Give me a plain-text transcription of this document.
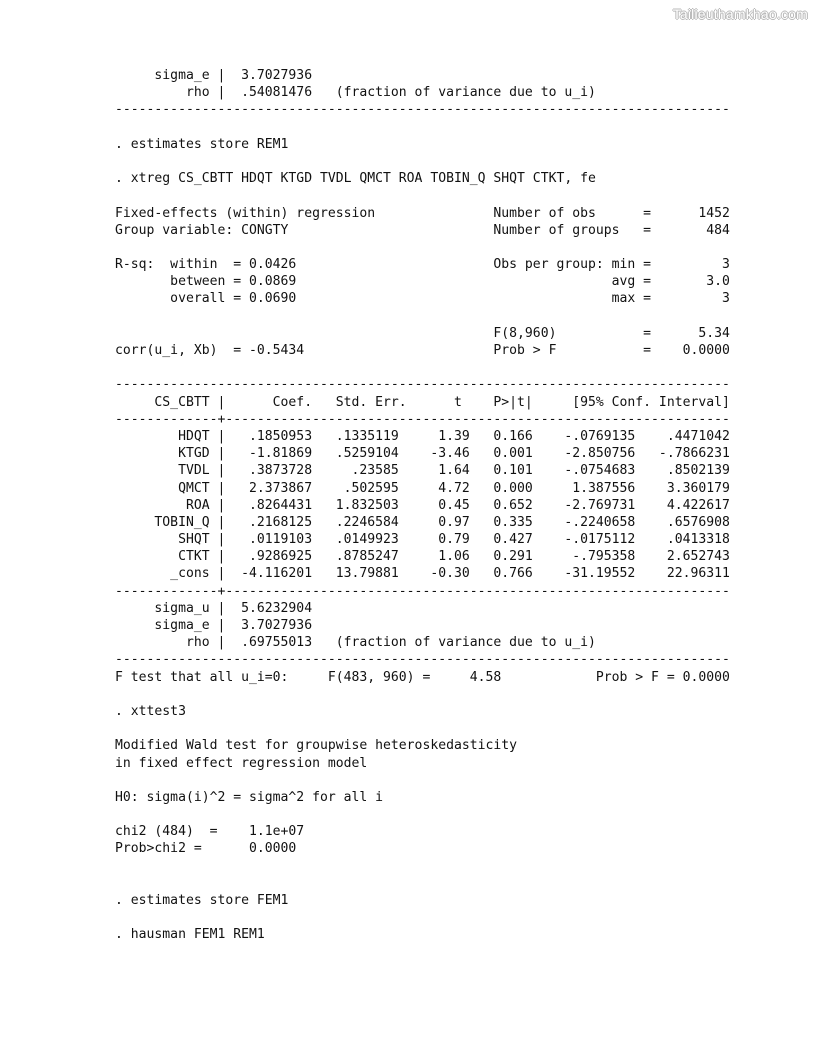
Tailieuthamkhao.com
sigma_e |  3.7027936
rho |  .54081476   (fraction of variance due to u_i)
------------------------------------------------------------------------------
. estimates store REM1
. xtreg CS_CBTT HDQT KTGD TVDL QMCT ROA TOBIN_Q SHQT CTKT, fe
Fixed-effects (within) regression               Number of obs      =      1452
Group variable: CONGTY                          Number of groups   =       484
R-sq:  within  = 0.0426                         Obs per group: min =         3
between = 0.0869                                        avg =       3.0
overall = 0.0690                                        max =         3
F(8,960)           =      5.34
corr(u_i, Xb)  = -0.5434                        Prob > F           =    0.0000
------------------------------------------------------------------------------
CS_CBTT |      Coef.   Std. Err.      t    P>|t|     [95% Conf. Interval]
-------------+----------------------------------------------------------------
HDQT |   .1850953   .1335119     1.39   0.166    -.0769135    .4471042
KTGD |   -1.81869   .5259104    -3.46   0.001    -2.850756   -.7866231
TVDL |   .3873728     .23585     1.64   0.101    -.0754683    .8502139
QMCT |   2.373867    .502595     4.72   0.000     1.387556    3.360179
ROA |   .8264431   1.832503     0.45   0.652    -2.769731    4.422617
TOBIN_Q |   .2168125   .2246584     0.97   0.335    -.2240658    .6576908
SHQT |   .0119103   .0149923     0.79   0.427    -.0175112    .0413318
CTKT |   .9286925   .8785247     1.06   0.291     -.795358    2.652743
_cons |  -4.116201   13.79881    -0.30   0.766    -31.19552    22.96311
-------------+----------------------------------------------------------------
sigma_u |  5.6232904
sigma_e |  3.7027936
rho |  .69755013   (fraction of variance due to u_i)
------------------------------------------------------------------------------
F test that all u_i=0:     F(483, 960) =     4.58            Prob > F = 0.0000
. xttest3
Modified Wald test for groupwise heteroskedasticity
in fixed effect regression model
H0: sigma(i)^2 = sigma^2 for all i
chi2 (484)  =    1.1e+07
Prob>chi2 =      0.0000
. estimates store FEM1
. hausman FEM1 REM1
